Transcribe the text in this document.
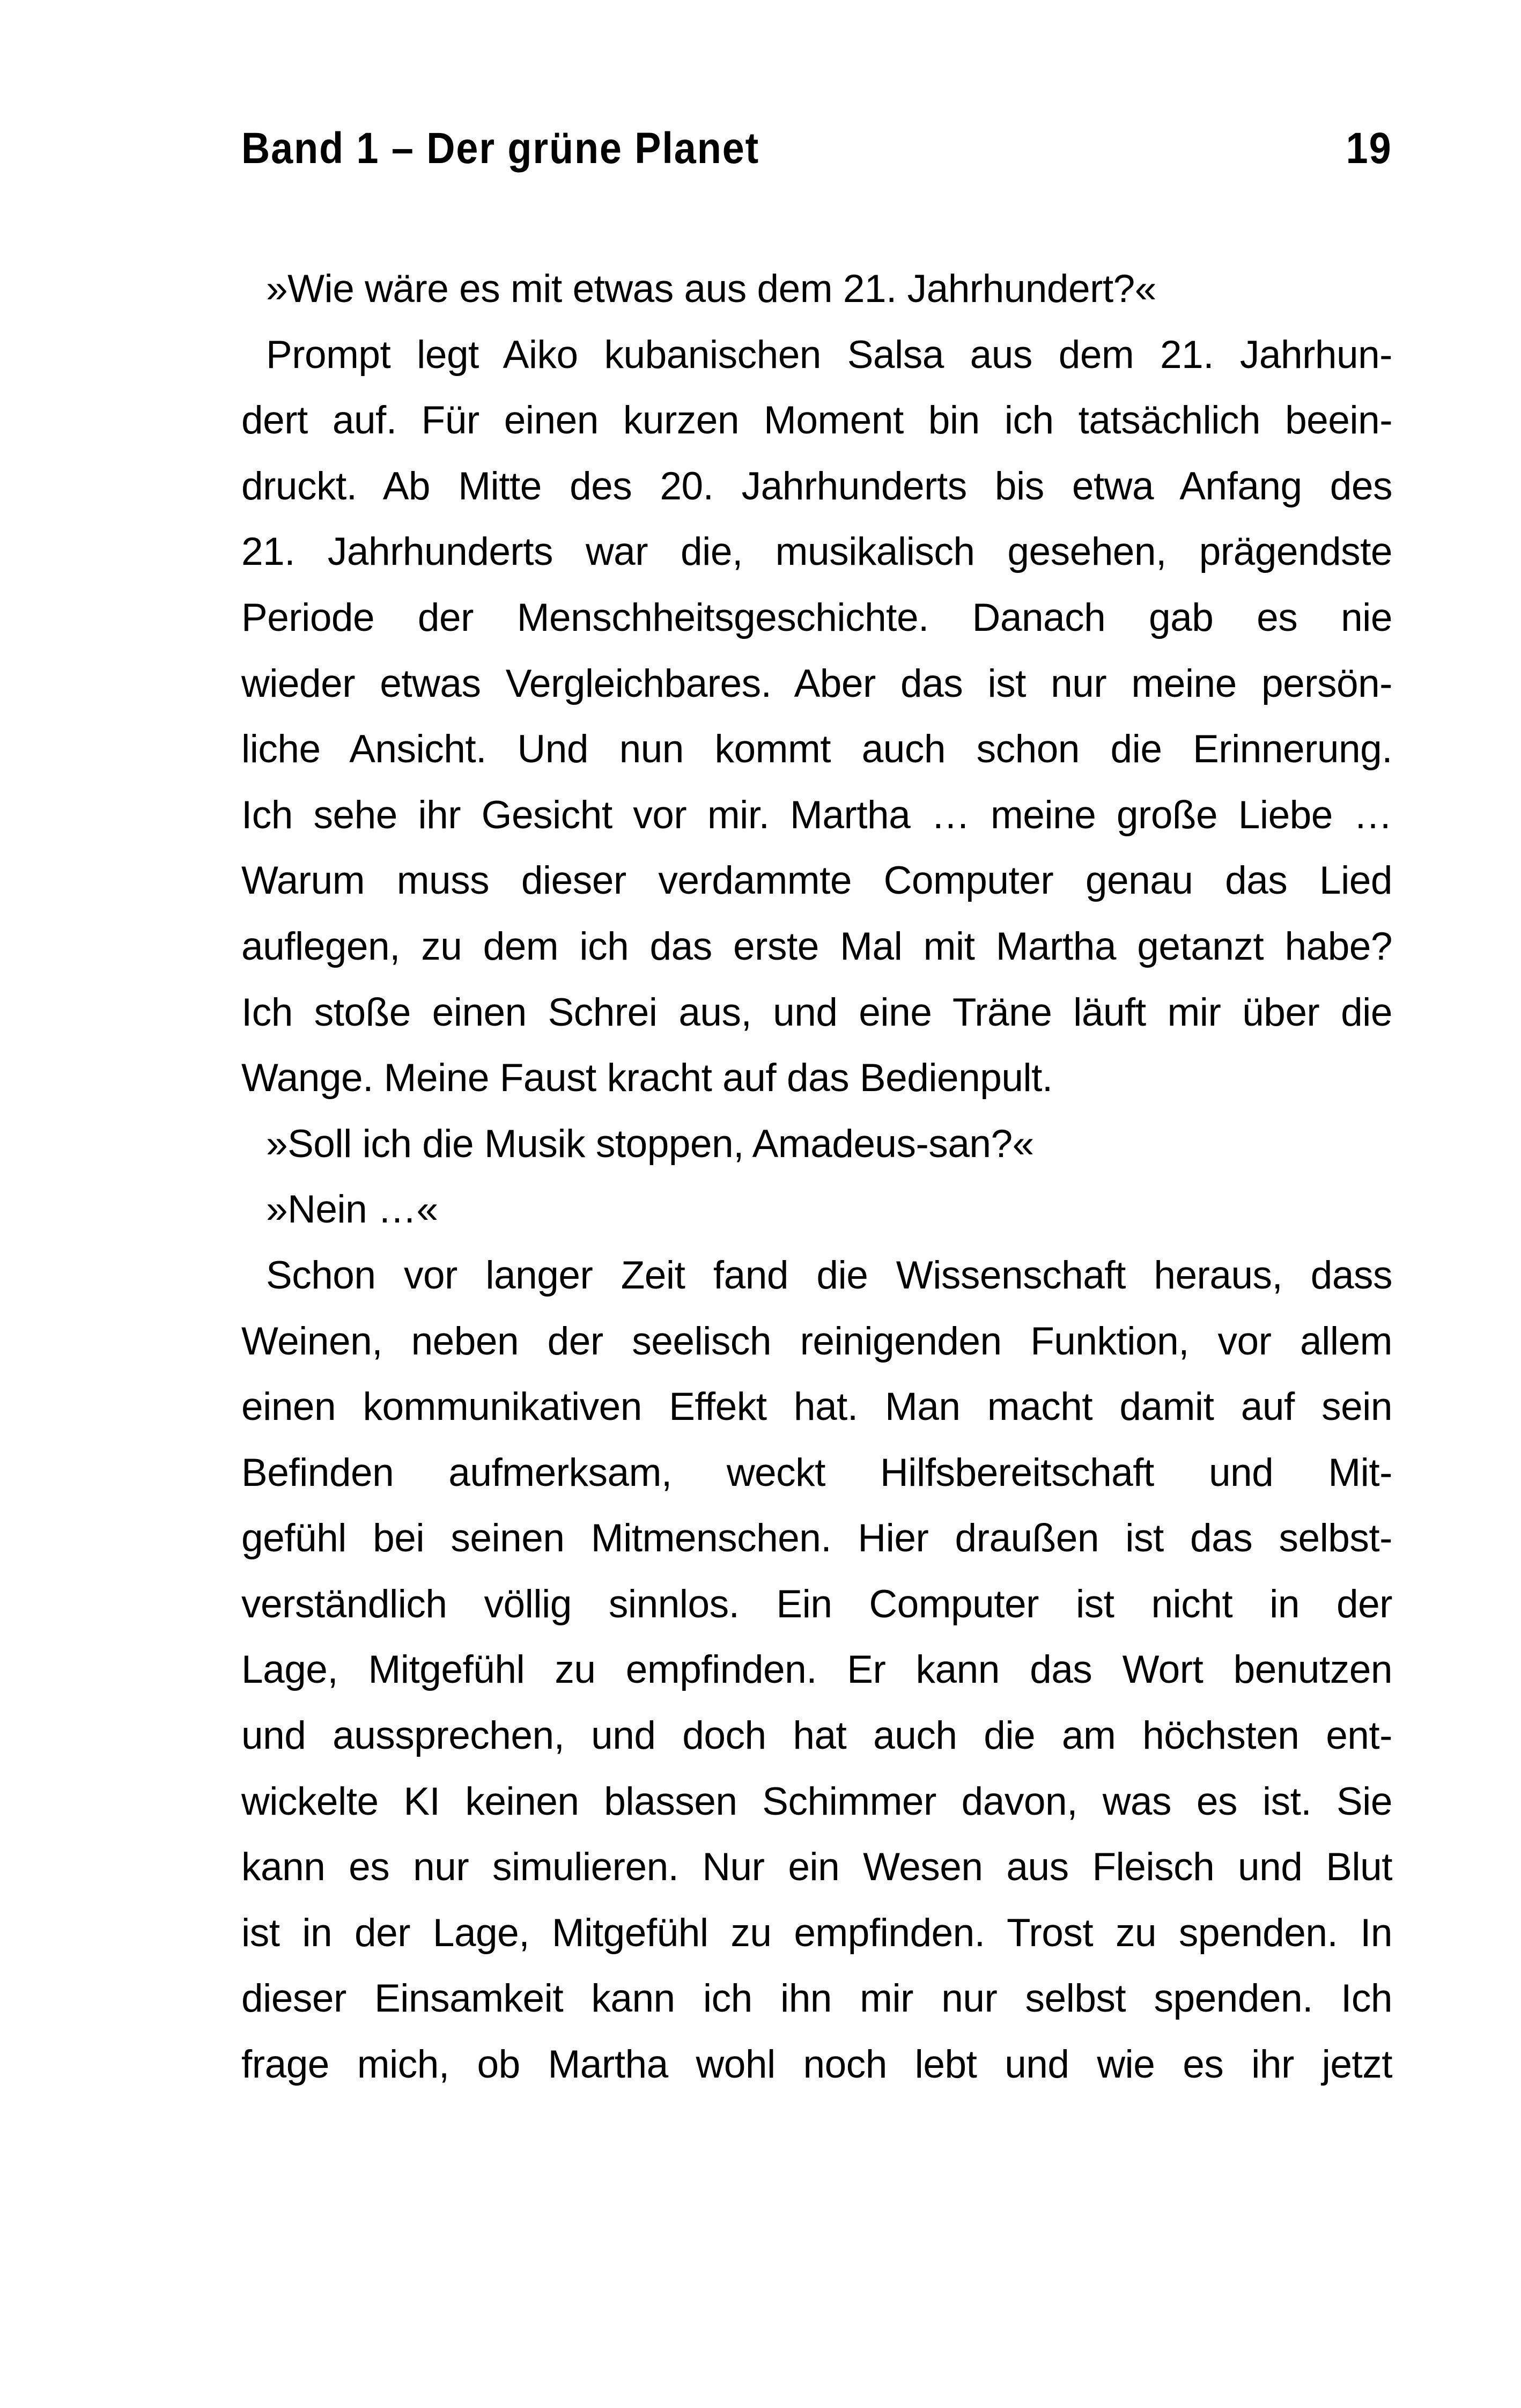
Band 1 – Der grüne Planet	19
»Wie wäre es mit etwas aus dem 21. Jahrhundert?«
Prompt legt Aiko kubanischen Salsa aus dem 21. Jahrhun-
dert auf. Für einen kurzen Moment bin ich tatsächlich beein-
druckt. Ab Mitte des 20. Jahrhunderts bis etwa Anfang des
21. Jahrhunderts war die, musikalisch gesehen, prägendste
Periode der Menschheitsgeschichte. Danach gab es nie
wieder etwas Vergleichbares. Aber das ist nur meine persön-
liche Ansicht. Und nun kommt auch schon die Erinnerung.
Ich sehe ihr Gesicht vor mir. Martha … meine große Liebe …
Warum muss dieser verdammte Computer genau das Lied
auflegen, zu dem ich das erste Mal mit Martha getanzt habe?
Ich stoße einen Schrei aus, und eine Träne läuft mir über die
Wange. Meine Faust kracht auf das Bedienpult.
»Soll ich die Musik stoppen, Amadeus-san?«
»Nein …«
Schon vor langer Zeit fand die Wissenschaft heraus, dass
Weinen, neben der seelisch reinigenden Funktion, vor allem
einen kommunikativen Effekt hat. Man macht damit auf sein
Befinden aufmerksam, weckt Hilfsbereitschaft und Mit-
gefühl bei seinen Mitmenschen. Hier draußen ist das selbst-
verständlich völlig sinnlos. Ein Computer ist nicht in der
Lage, Mitgefühl zu empfinden. Er kann das Wort benutzen
und aussprechen, und doch hat auch die am höchsten ent-
wickelte KI keinen blassen Schimmer davon, was es ist. Sie
kann es nur simulieren. Nur ein Wesen aus Fleisch und Blut
ist in der Lage, Mitgefühl zu empfinden. Trost zu spenden. In
dieser Einsamkeit kann ich ihn mir nur selbst spenden. Ich
frage mich, ob Martha wohl noch lebt und wie es ihr jetzt
